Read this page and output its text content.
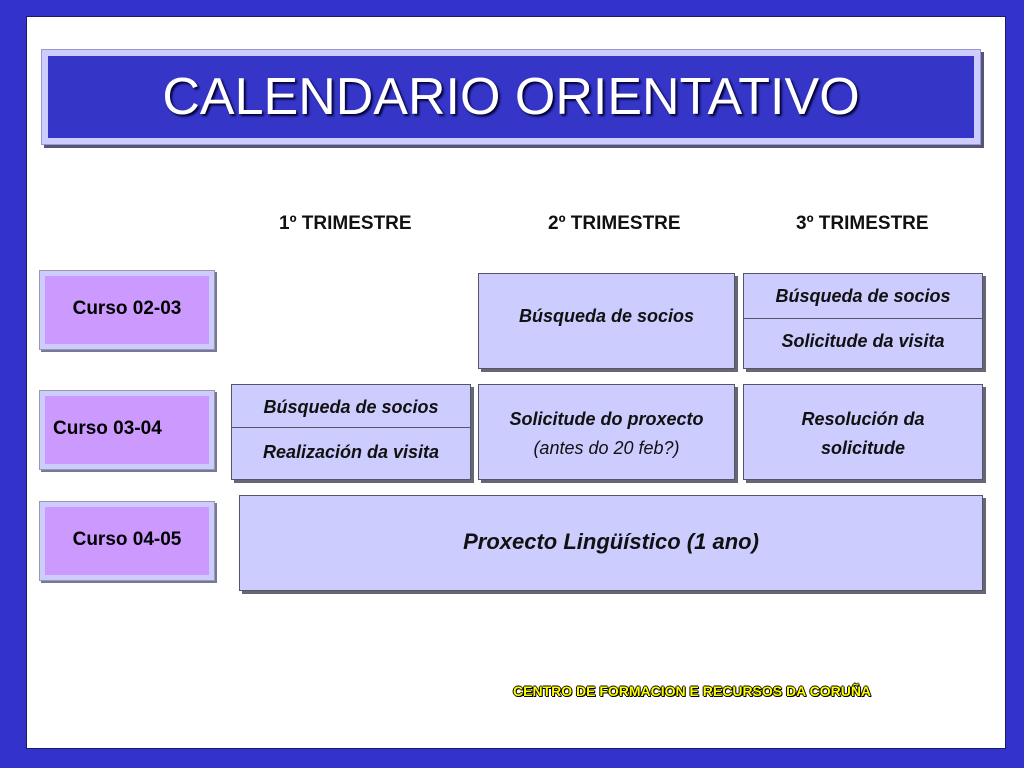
CALENDARIO ORIENTATIVO
1º TRIMESTRE	2º TRIMESTRE	3º TRIMESTRE
Curso 02-03
Curso 03-04
Curso 04-05
Búsqueda de socios
Búsqueda de socios
Solicitude da visita
Búsqueda de socios
Realización da visita
Solicitude do proxecto
(antes do 20 feb?)
Resolución da
solicitude
Proxecto Lingüístico (1 ano)
CENTRO DE FORMACION E RECURSOS DA CORUÑA
